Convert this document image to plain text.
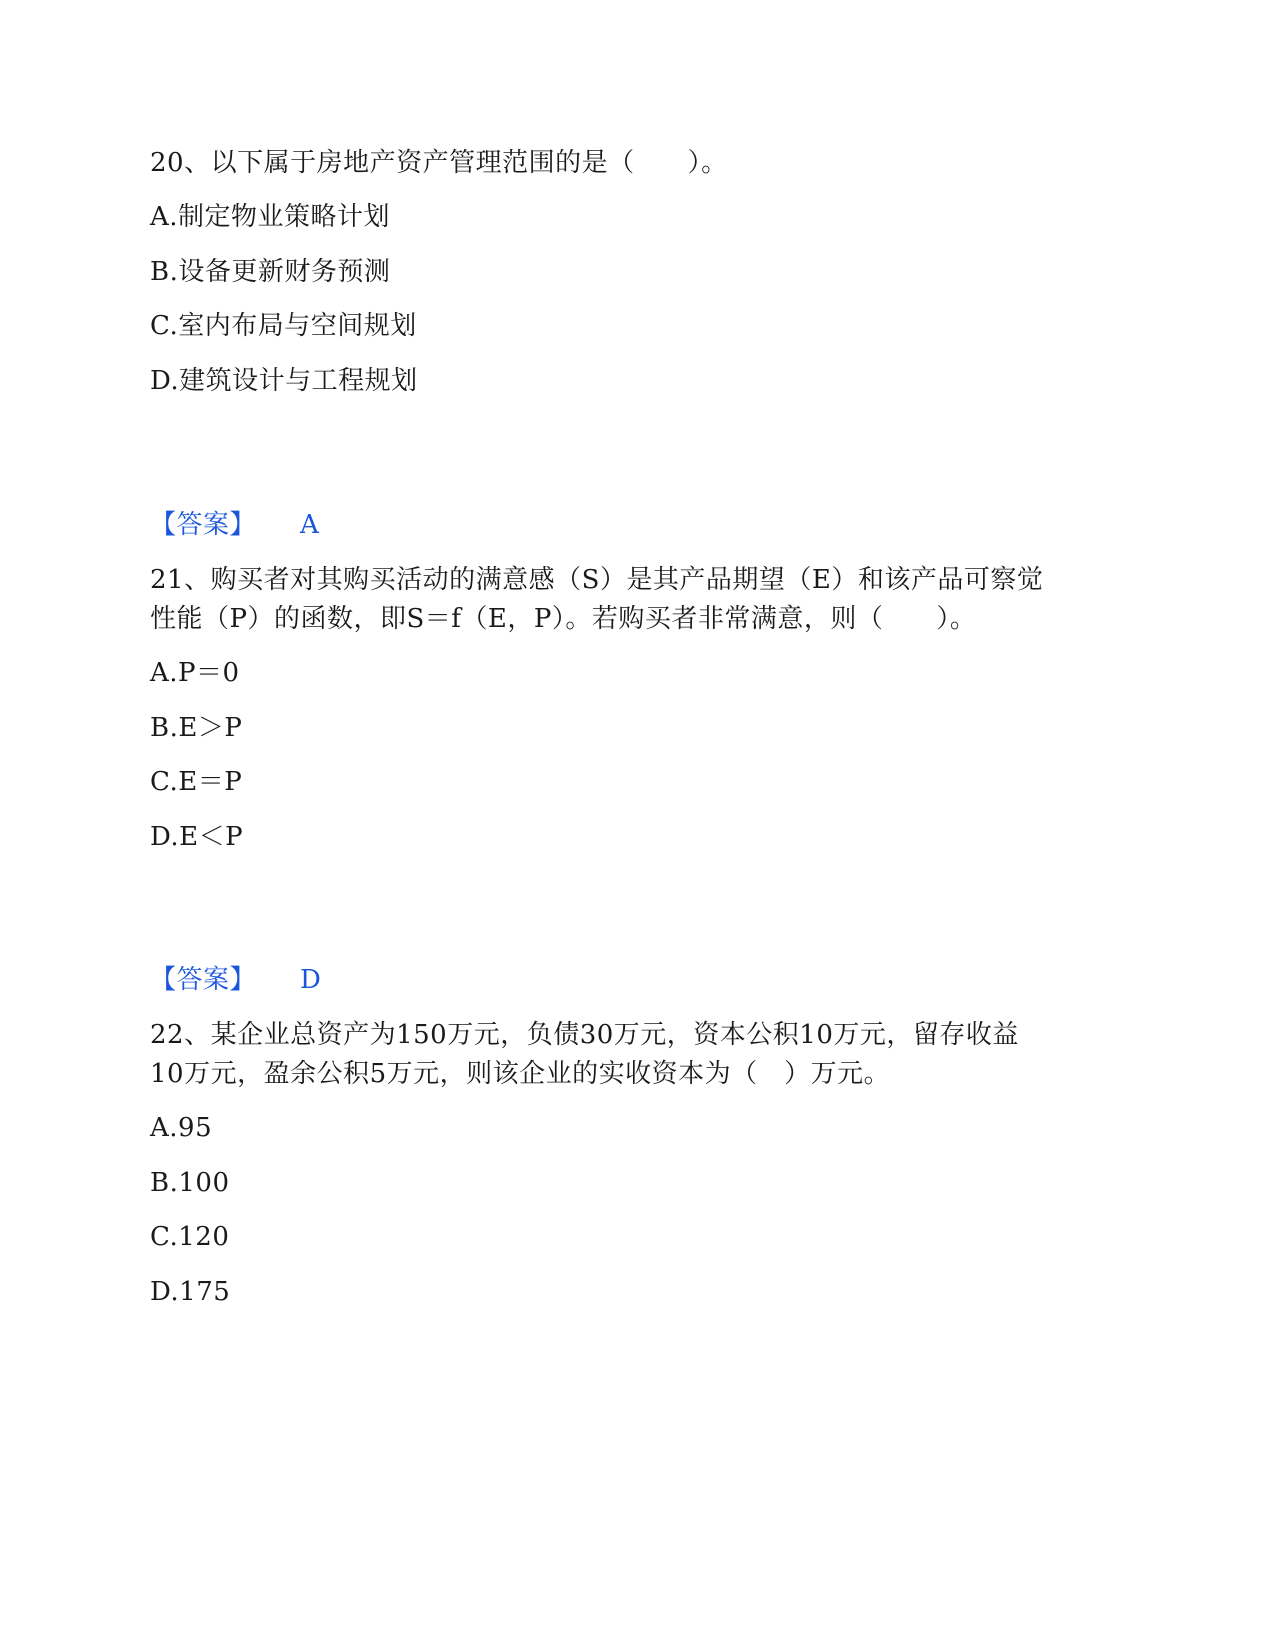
20、以下属于房地产资产管理范围的是（　　）。
A.制定物业策略计划
B.设备更新财务预测
C.室内布局与空间规划
D.建筑设计与工程规划
【答案】 A
21、购买者对其购买活动的满意感（S）是其产品期望（E）和该产品可察觉
性能（P）的函数，即S＝f（E，P）。若购买者非常满意，则（　　）。
A.P＝0
B.E＞P
C.E＝P
D.E＜P
【答案】 D
22、某企业总资产为150万元，负债30万元，资本公积10万元，留存收益
10万元，盈余公积5万元，则该企业的实收资本为（　）万元。
A.95
B.100
C.120
D.175
